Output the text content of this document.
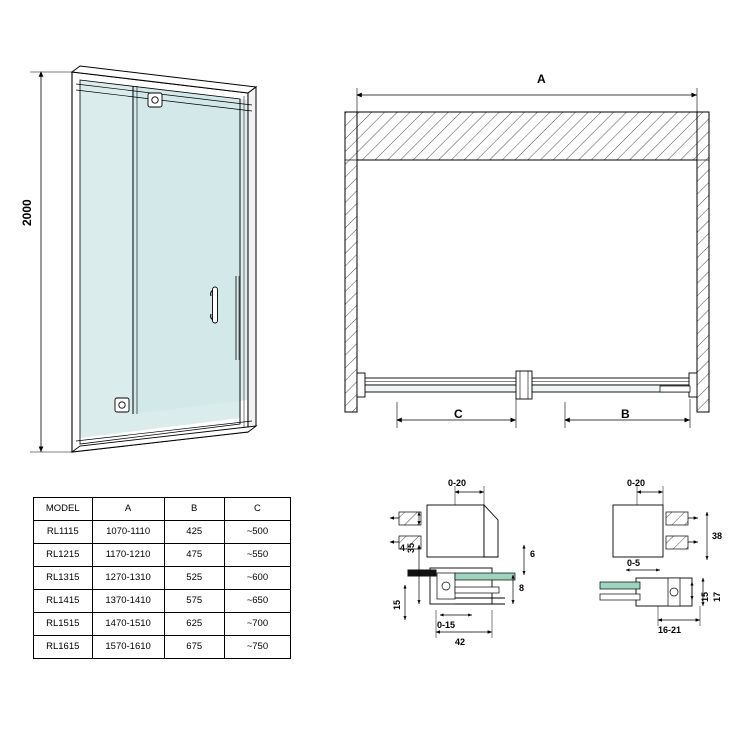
2000
A
C	B
0-20
4 35
15
6
8
0-15
42
0-20
38
0-5
15 17
16-21
MODEL	A	B	C
RL1115	1070-1110	425	~500
RL1215	1170-1210	475	~550
RL1315	1270-1310	525	~600
RL1415	1370-1410	575	~650
RL1515	1470-1510	625	~700
RL1615	1570-1610	675	~750
